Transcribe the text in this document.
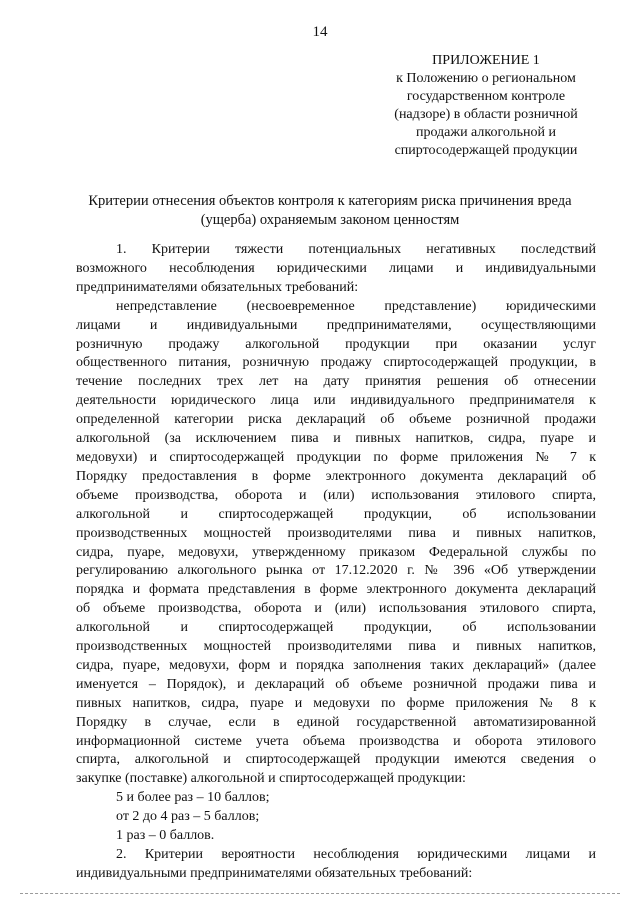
14
ПРИЛОЖЕНИЕ 1
к Положению о региональном
государственном контроле
(надзоре) в области розничной
продажи алкогольной и
спиртосодержащей продукции
Критерии отнесения объектов контроля к категориям риска причинения вреда
(ущерба) охраняемым законом ценностям
1. Критерии тяжести потенциальных негативных последствий
возможного несоблюдения юридическими лицами и индивидуальными
предпринимателями обязательных требований:
непредставление (несвоевременное представление) юридическими
лицами и индивидуальными предпринимателями, осуществляющими
розничную продажу алкогольной продукции при оказании услуг
общественного питания, розничную продажу спиртосодержащей продукции, в
течение последних трех лет на дату принятия решения об отнесении
деятельности юридического лица или индивидуального предпринимателя к
определенной категории риска деклараций об объеме розничной продажи
алкогольной (за исключением пива и пивных напитков, сидра, пуаре и
медовухи) и спиртосодержащей продукции по форме приложения № 7 к
Порядку предоставления в форме электронного документа деклараций об
объеме производства, оборота и (или) использования этилового спирта,
алкогольной и спиртосодержащей продукции, об использовании
производственных мощностей производителями пива и пивных напитков,
сидра, пуаре, медовухи, утвержденному приказом Федеральной службы по
регулированию алкогольного рынка от 17.12.2020 г. № 396 «Об утверждении
порядка и формата представления в форме электронного документа деклараций
об объеме производства, оборота и (или) использования этилового спирта,
алкогольной и спиртосодержащей продукции, об использовании
производственных мощностей производителями пива и пивных напитков,
сидра, пуаре, медовухи, форм и порядка заполнения таких деклараций» (далее
именуется – Порядок), и деклараций об объеме розничной продажи пива и
пивных напитков, сидра, пуаре и медовухи по форме приложения № 8 к
Порядку в случае, если в единой государственной автоматизированной
информационной системе учета объема производства и оборота этилового
спирта, алкогольной и спиртосодержащей продукции имеются сведения о
закупке (поставке) алкогольной и спиртосодержащей продукции:
5 и более раз – 10 баллов;
от 2 до 4 раз – 5 баллов;
1 раз – 0 баллов.
2. Критерии вероятности несоблюдения юридическими лицами и
индивидуальными предпринимателями обязательных требований:
